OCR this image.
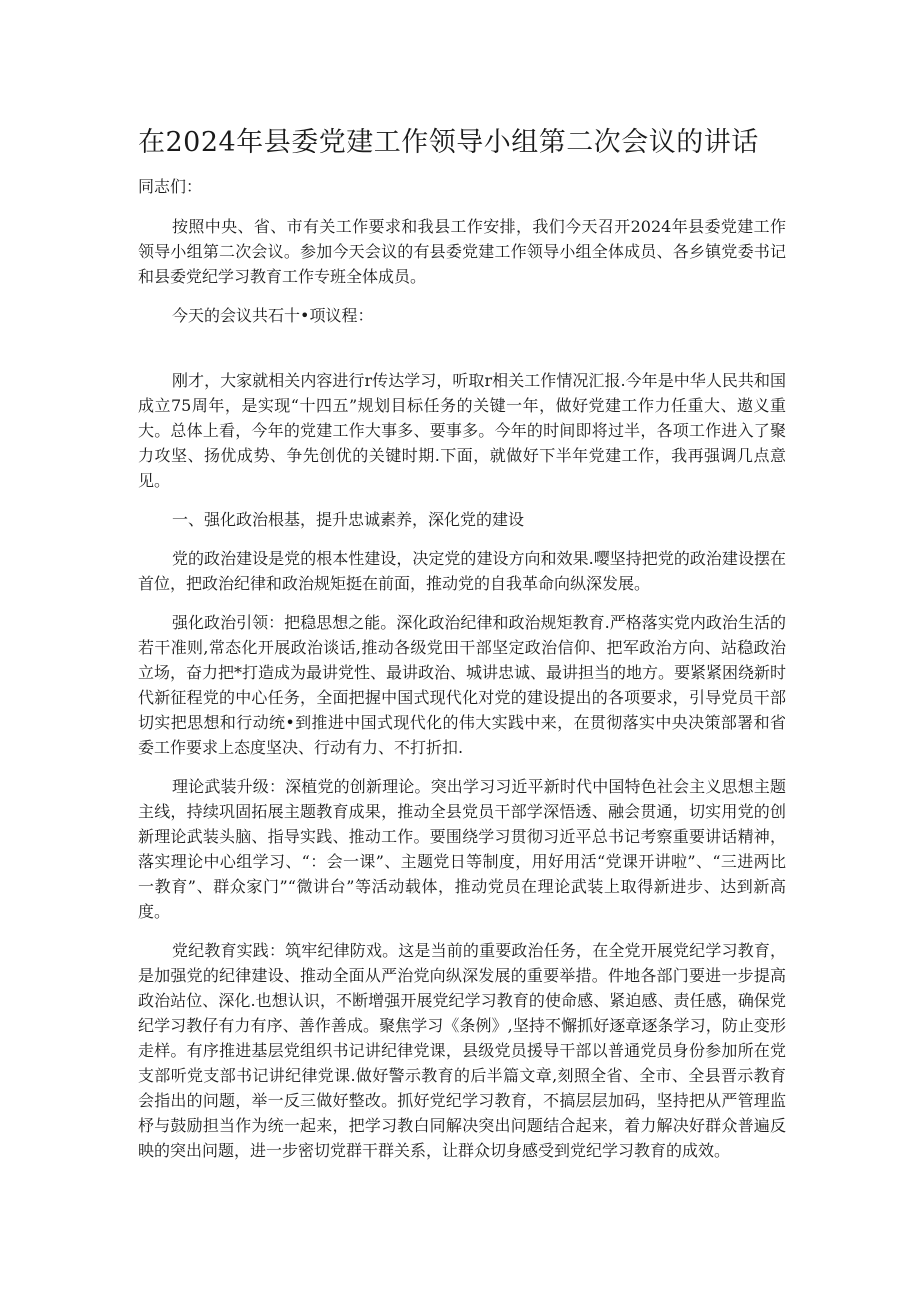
在2024年县委党建工作领导小组第二次会议的讲话

同志们：

按照中央、省、市有关工作要求和我县工作安排，我们今天召开2024年县委党建工作领导小组第二次会议。参加今天会议的有县委党建工作领导小组全体成员、各乡镇党委书记和县委党纪学习教育工作专班全体成员。

今天的会议共石十•项议程：

刚才，大家就相关内容进行r传达学习，听取r相关工作情况汇报.今年是中华人民共和国成立75周年，是实现“十四五”规划目标任务的关键一年，做好党建工作力任重大、遨义重大。总体上看，今年的党建工作大事多、要事多。今年的时间即将过半，各项工作进入了聚力攻坚、扬优成势、争先创优的关键时期.下面，就做好下半年党建工作，我再强调几点意见。

一、强化政治根基，提升忠诚素养，深化党的建设

党的政治建设是党的根本性建设，决定党的建设方向和效果.嘤坚持把党的政治建设摆在首位，把政治纪律和政治规矩挺在前面，推动党的自我革命向纵深发展。

强化政治引领：把稳思想之能。深化政治纪律和政治规矩教育.严格落实党内政治生活的若干准则,常态化开展政治谈话,推动各级党田干部坚定政治信仰、把军政治方向、站稳政治立场，奋力把*打造成为最讲党性、最讲政治、城讲忠诚、最讲担当的地方。要紧紧困绕新时代新征程党的中心任务，全面把握中国式现代化对党的建设提出的各项要求，引导党员干部切实把思想和行动统•到推进中国式现代化的伟大实践中来，在贯彻落实中央决策部署和省委工作要求上态度坚决、行动有力、不打折扣.

理论武装升级：深植党的创新理论。突出学习习近平新时代中国特色社会主义思想主题主线，持续巩固拓展主题教育成果，推动全县党员干部学深悟透、融会贯通，切实用党的创新理论武装头脑、指导实践、推动工作。要围绕学习贯彻习近平总书记考察重要讲话精神，落实理论中心组学习、“：会一课”、主题党日等制度，用好用活“党课开讲啦”、“三进两比一教育”、群众家门”“微讲台”等活动载体，推动党员在理论武装上取得新进步、达到新高度。

党纪教育实践：筑牢纪律防戏。这是当前的重要政治任务，在全党开展党纪学习教育，是加强党的纪律建设、推动全面从严治党向纵深发展的重要举措。件地各部门要进一步提高政治站位、深化.也想认识，不断增强开展党纪学习教育的使命感、紧迫感、责任感，确保党纪学习教仔有力有序、善作善成。聚焦学习《条例》,坚持不懈抓好逐章逐条学习，防止变形走样。有序推进基层党组织书记讲纪律党课，县级党员援导干部以普通党员身份参加所在党支部听党支部书记讲纪律党课.做好警示教育的后半篇文章,刻照全省、全市、全县晋示教育会指出的问题，举一反三做好整改。抓好党纪学习教育，不搞层层加码，坚持把从严管理监杼与鼓励担当作为统一起来，把学习教白同解决突出问题结合起来，着力解决好群众普遍反映的突出问题，进一步密切党群干群关系，让群众切身感受到党纪学习教育的成效。
